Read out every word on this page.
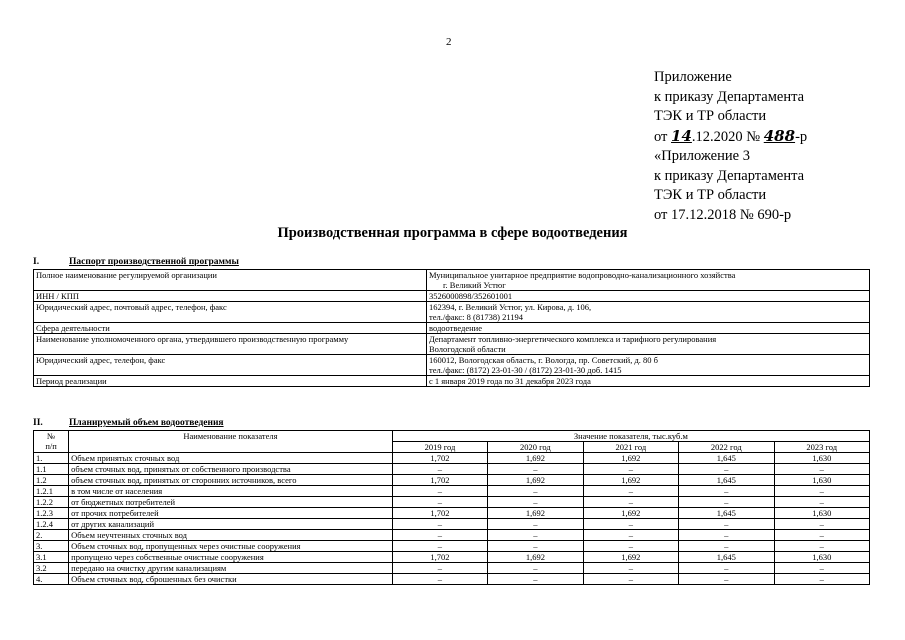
2
Приложение
к приказу Департамента
ТЭК и ТР области
от 14.12.2020 № 488-р
«Приложение 3
к приказу Департамента
ТЭК и ТР области
от 17.12.2018 № 690-р
Производственная программа в сфере водоотведения
I.	Паспорт производственной программы
Полное наименование регулируемой организации	Муниципальное унитарное предприятие водопроводно-канализационного хозяйства
г. Великий Устюг

ИНН / КПП	3526000898/352601001

Юридический адрес, почтовый адрес, телефон, факс	162394, г. Великий Устюг, ул. Кирова, д. 106,
тел./факс: 8 (81738) 21194

Сфера деятельности	водоотведение

Наименование уполномоченного органа, утвердившего производственную программу	Департамент топливно-энергетического комплекса и тарифного регулирования
Вологодской области

Юридический адрес, телефон, факс	160012, Вологодская область, г. Вологда, пр. Советский, д. 80 б
тел./факс: (8172) 23-01-30 / (8172) 23-01-30 доб. 1415

Период реализации	с 1 января 2019 года по 31 декабря 2023 года
II.	Планируемый объем водоотведения
№
п/п	Наименование показателя	Значение показателя, тыс.куб.м				
		2019 год	2020 год	2021 год	2022 год	2023 год
1.	Объем принятых сточных вод	1,702	1,692	1,692	1,645	1,630
1.1	объем сточных вод, принятых от собственного производства	–	–	–	–	–
1.2	объем сточных вод, принятых от сторонних источников, всего	1,702	1,692	1,692	1,645	1,630
1.2.1	в том числе от населения	–	–	–	–	–
1.2.2	от бюджетных потребителей	–	–	–	–	–
1.2.3	от прочих потребителей	1,702	1,692	1,692	1,645	1,630
1.2.4	от других канализаций	–	–	–	–	–
2.	Объем неучтенных сточных вод	–	–	–	–	–
3.	Объем сточных вод, пропущенных через очистные сооружения	–	–	–	–	–
3.1	пропущено через собственные очистные сооружения	1,702	1,692	1,692	1,645	1,630
3.2	передано на очистку другим канализациям	–	–	–	–	–
4.	Объем сточных вод, сброшенных без очистки	–	–	–	–	–
